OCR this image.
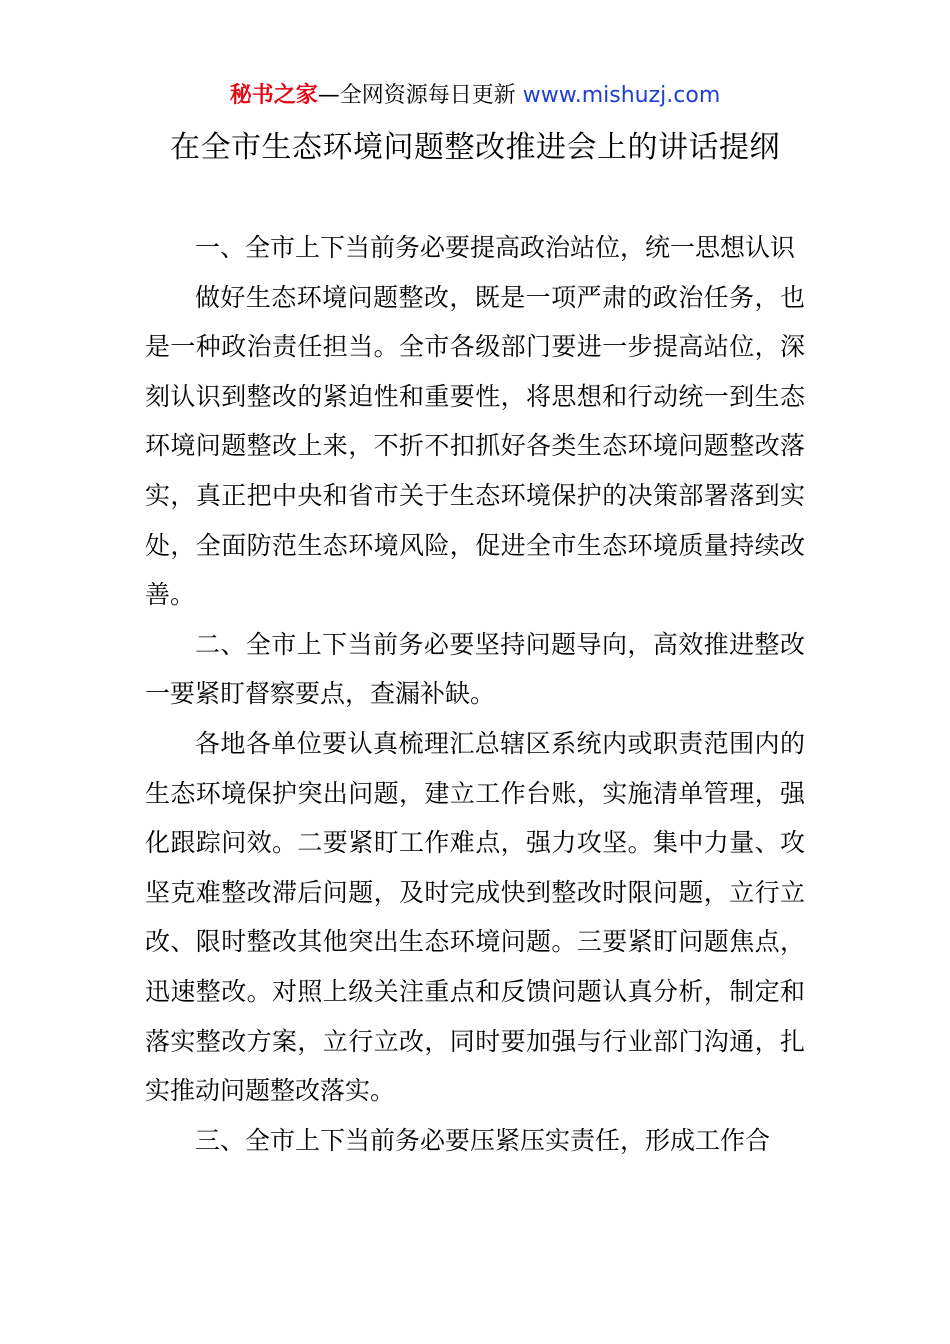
秘书之家—全网资源每日更新 www.mishuzj.com
在全市生态环境问题整改推进会上的讲话提纲

一、全市上下当前务必要提高政治站位，统一思想认识

做好生态环境问题整改，既是一项严肃的政治任务，也是一种政治责任担当。全市各级部门要进一步提高站位，深刻认识到整改的紧迫性和重要性，将思想和行动统一到生态环境问题整改上来，不折不扣抓好各类生态环境问题整改落实，真正把中央和省市关于生态环境保护的决策部署落到实处，全面防范生态环境风险，促进全市生态环境质量持续改善。

二、全市上下当前务必要坚持问题导向，高效推进整改一要紧盯督察要点，查漏补缺。

各地各单位要认真梳理汇总辖区系统内或职责范围内的生态环境保护突出问题，建立工作台账，实施清单管理，强化跟踪问效。二要紧盯工作难点，强力攻坚。集中力量、攻坚克难整改滞后问题，及时完成快到整改时限问题，立行立改、限时整改其他突出生态环境问题。三要紧盯问题焦点，迅速整改。对照上级关注重点和反馈问题认真分析，制定和落实整改方案，立行立改，同时要加强与行业部门沟通，扎实推动问题整改落实。

三、全市上下当前务必要压紧压实责任，形成工作合
